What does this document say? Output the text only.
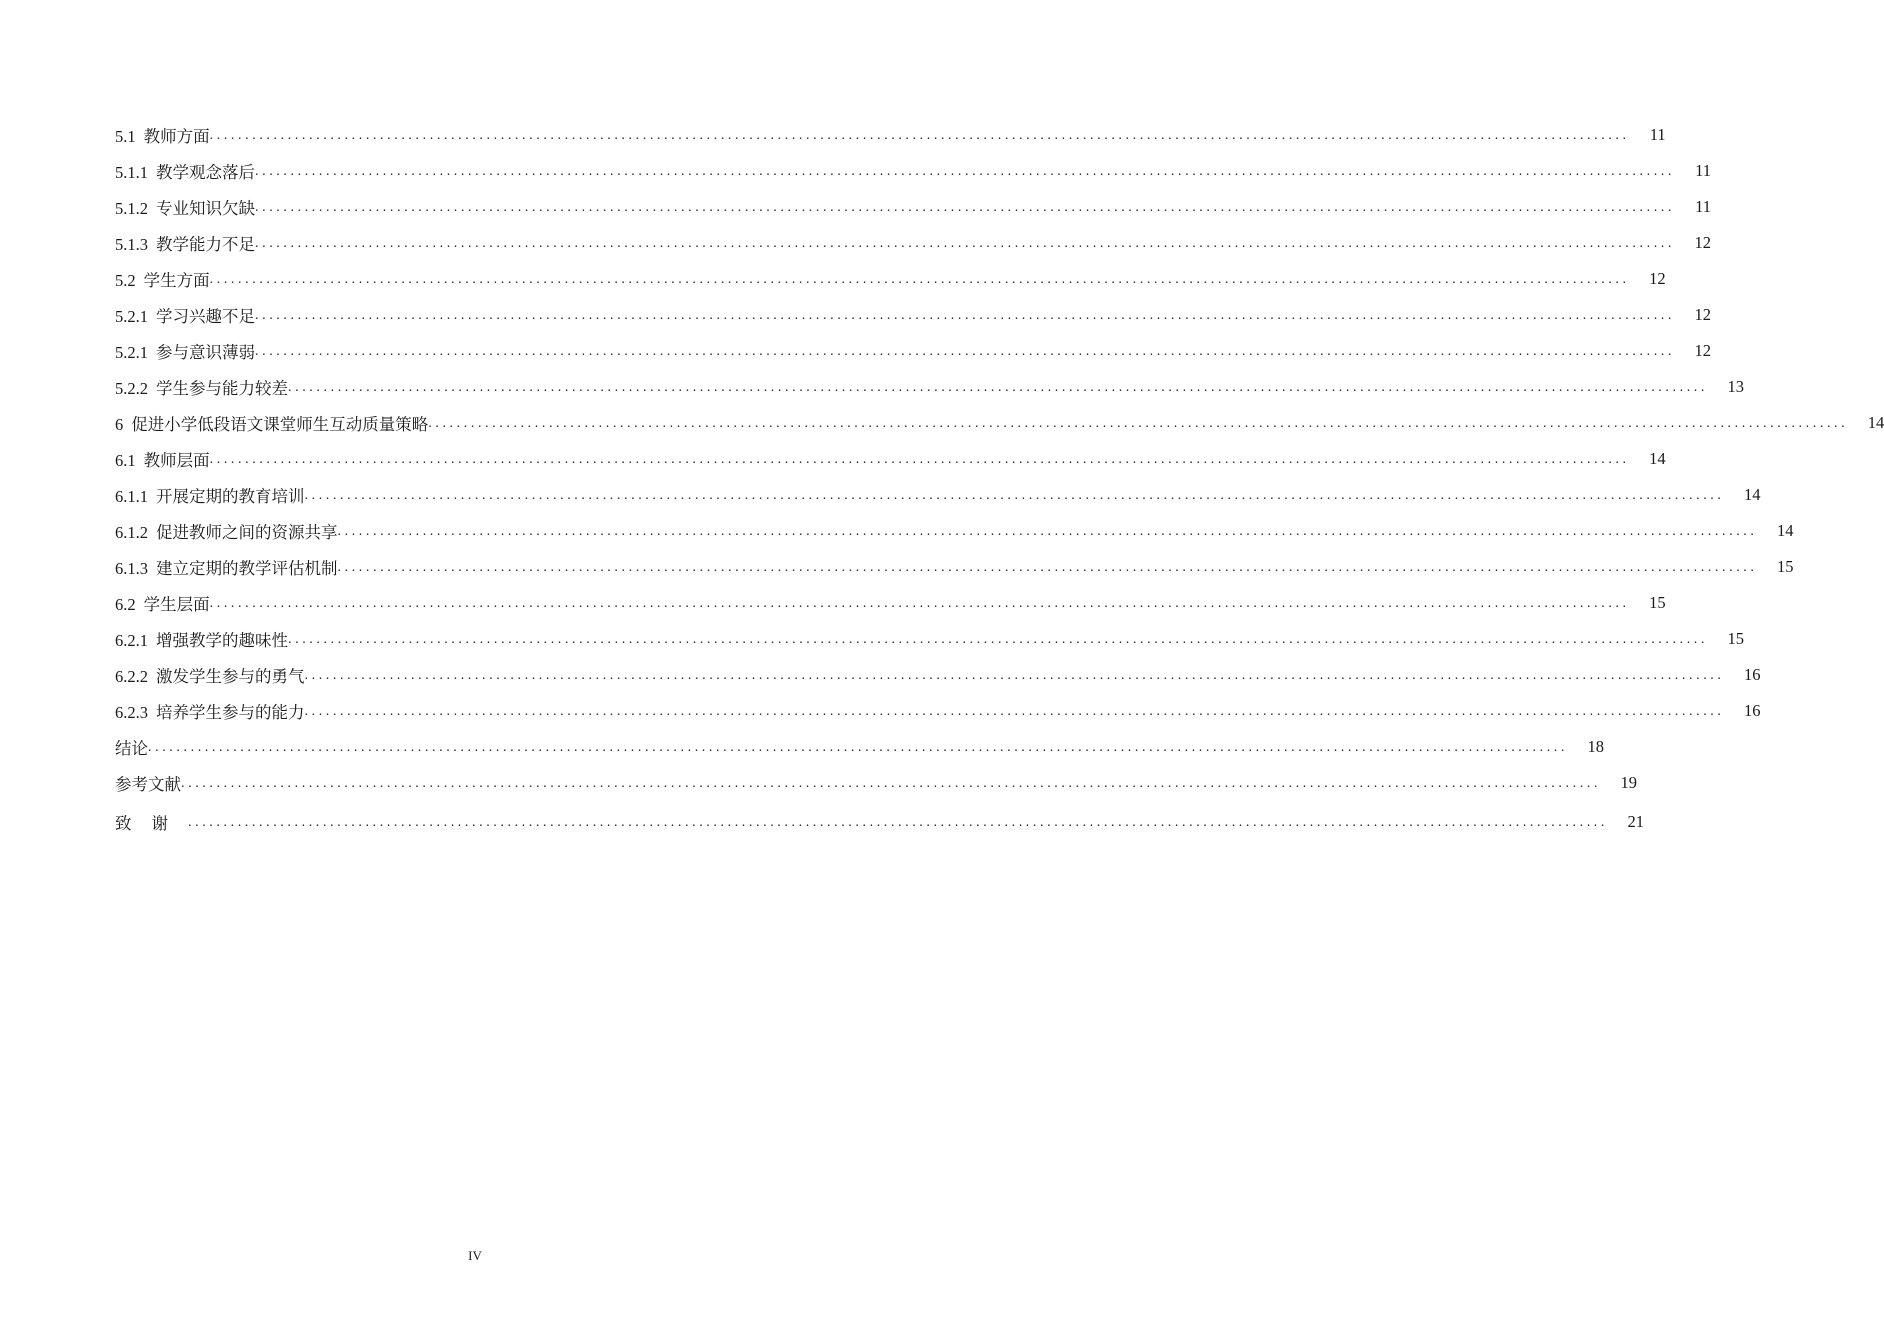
5.1 教师方面 ........................................................................................................................................................................................................	11
5.1.1 教学观念落后 ........................................................................................................................................................................................................	11
5.1.2 专业知识欠缺 ........................................................................................................................................................................................................	11
5.1.3 教学能力不足 ........................................................................................................................................................................................................	12
5.2 学生方面 ........................................................................................................................................................................................................	12
5.2.1 学习兴趣不足 ........................................................................................................................................................................................................	12
5.2.1 参与意识薄弱 ........................................................................................................................................................................................................	12
5.2.2 学生参与能力较差 ........................................................................................................................................................................................................	13
6 促进小学低段语文课堂师生互动质量策略 ........................................................................................................................................................................................................	14
6.1 教师层面 ........................................................................................................................................................................................................	14
6.1.1 开展定期的教育培训 ........................................................................................................................................................................................................	14
6.1.2 促进教师之间的资源共享 ........................................................................................................................................................................................................	14
6.1.3 建立定期的教学评估机制 ........................................................................................................................................................................................................	15
6.2 学生层面 ........................................................................................................................................................................................................	15
6.2.1 增强教学的趣味性 ........................................................................................................................................................................................................	15
6.2.2 激发学生参与的勇气 ........................................................................................................................................................................................................	16
6.2.3 培养学生参与的能力 ........................................................................................................................................................................................................	16
结论 ........................................................................................................................................................................................................	18
参考文献 ........................................................................................................................................................................................................	19
致谢 ........................................................................................................................................................................................................	21
IV
